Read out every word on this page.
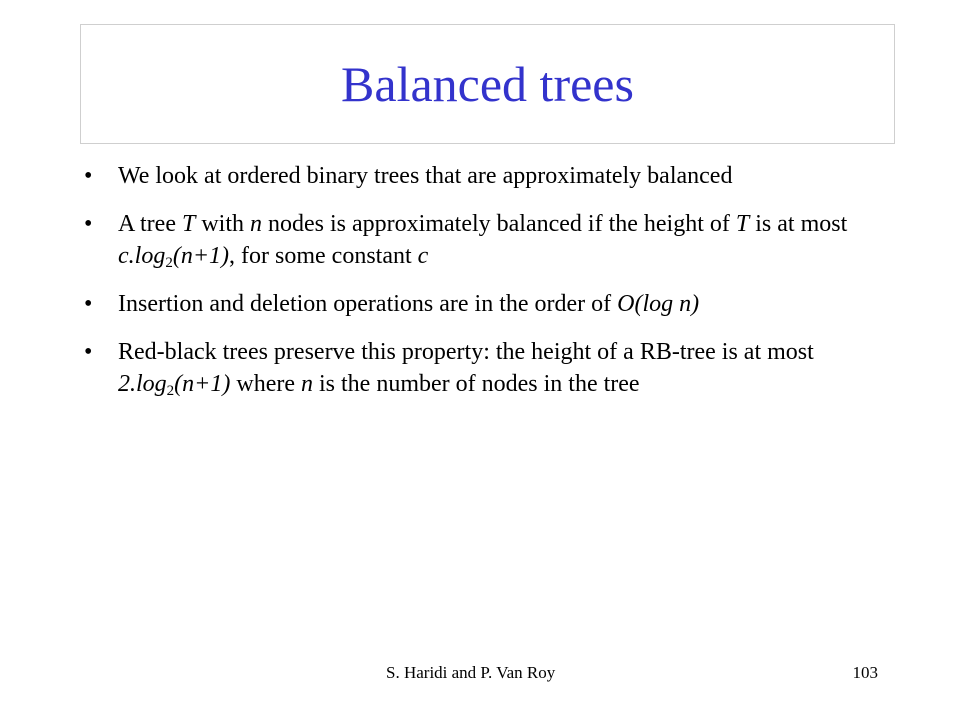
Balanced trees
• We look at ordered binary trees that are approximately balanced
• A tree T with n nodes is approximately balanced if the height of T is at most $c.\log_2(n+1)$, for some constant c
• Insertion and deletion operations are in the order of O(log n)
• Red-black trees preserve this property: the height of a RB-tree is at most $2.\log_2(n+1)$ where n is the number of nodes in the tree
S. Haridi and P. Van Roy	103
